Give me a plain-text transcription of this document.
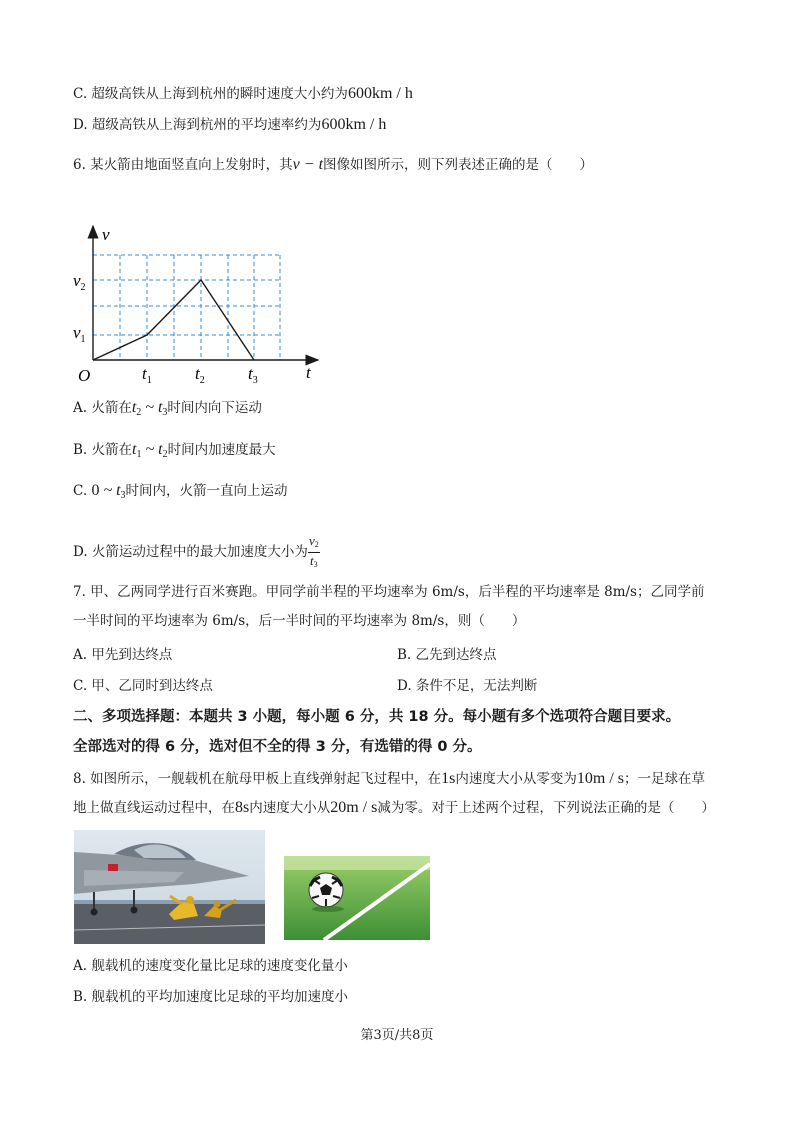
C. 超级高铁从上海到杭州的瞬时速度大小约为600km / h
D. 超级高铁从上海到杭州的平均速率约为600km / h
6. 某火箭由地面竖直向上发射时，其v − t图像如图所示，则下列表述正确的是（　　）
v
t
O
$v_2$
$v_1$
$t_1$	$t_2$	$t_3$
A. 火箭在$t_2$ ~ $t_3$时间内向下运动
B. 火箭在$t_1$ ~ $t_2$时间内加速度最大
C. 0 ~ $t_3$时间内，火箭一直向上运动
D. 火箭运动过程中的最大加速度大小为 $\frac{v_2}{t_3}$
7. 甲、乙两同学进行百米赛跑。甲同学前半程的平均速率为 6m/s，后半程的平均速率是 8m/s；乙同学前
一半时间的平均速率为 6m/s，后一半时间的平均速率为 8m/s，则（　　）
A. 甲先到达终点	B. 乙先到达终点
C. 甲、乙同时到达终点	D. 条件不足，无法判断
二、多项选择题：本题共 3 小题，每小题 6 分，共 18 分。每小题有多个选项符合题目要求。
全部选对的得 6 分，选对但不全的得 3 分，有选错的得 0 分。
8. 如图所示，一舰载机在航母甲板上直线弹射起飞过程中，在1s内速度大小从零变为10m / s；一足球在草
地上做直线运动过程中，在8s内速度大小从20m / s减为零。对于上述两个过程，下列说法正确的是（　　）
A. 舰载机的速度变化量比足球的速度变化量小
B. 舰载机的平均加速度比足球的平均加速度小
第3页/共8页
